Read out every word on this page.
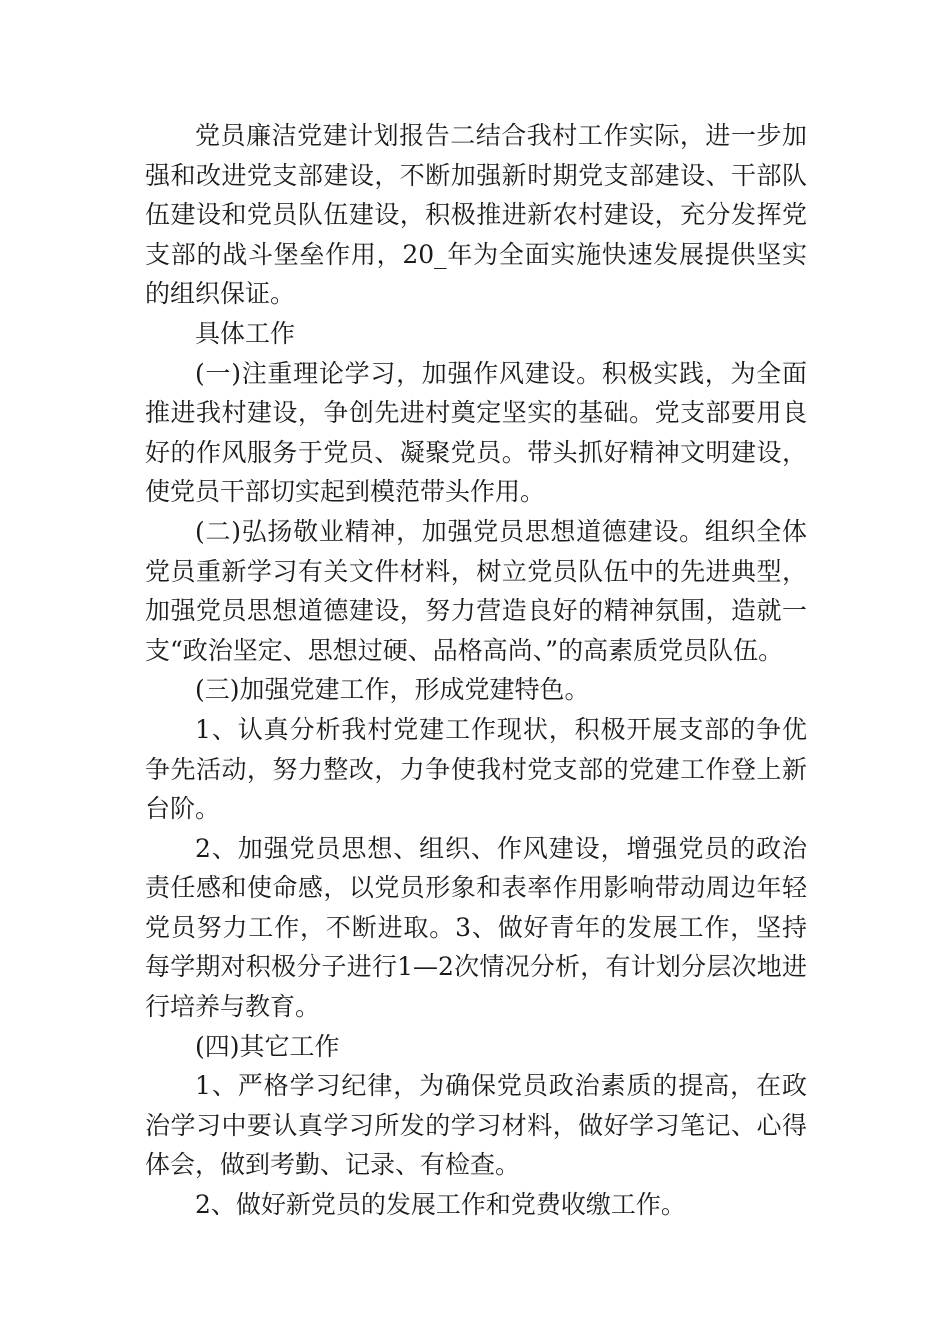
党员廉洁党建计划报告二结合我村工作实际，进一步加强和改进党支部建设，不断加强新时期党支部建设、干部队伍建设和党员队伍建设，积极推进新农村建设，充分发挥党支部的战斗堡垒作用，20_年为全面实施快速发展提供坚实的组织保证。

具体工作

(一)注重理论学习，加强作风建设。积极实践，为全面推进我村建设，争创先进村奠定坚实的基础。党支部要用良好的作风服务于党员、凝聚党员。带头抓好精神文明建设，使党员干部切实起到模范带头作用。

(二)弘扬敬业精神，加强党员思想道德建设。组织全体党员重新学习有关文件材料，树立党员队伍中的先进典型，加强党员思想道德建设，努力营造良好的精神氛围，造就一支“政治坚定、思想过硬、品格高尚、”的高素质党员队伍。

(三)加强党建工作，形成党建特色。

1、认真分析我村党建工作现状，积极开展支部的争优争先活动，努力整改，力争使我村党支部的党建工作登上新台阶。

2、加强党员思想、组织、作风建设，增强党员的政治责任感和使命感，以党员形象和表率作用影响带动周边年轻党员努力工作，不断进取。3、做好青年的发展工作，坚持每学期对积极分子进行1—2次情况分析，有计划分层次地进行培养与教育。

(四)其它工作

1、严格学习纪律，为确保党员政治素质的提高，在政治学习中要认真学习所发的学习材料，做好学习笔记、心得体会，做到考勤、记录、有检查。

2、做好新党员的发展工作和党费收缴工作。
